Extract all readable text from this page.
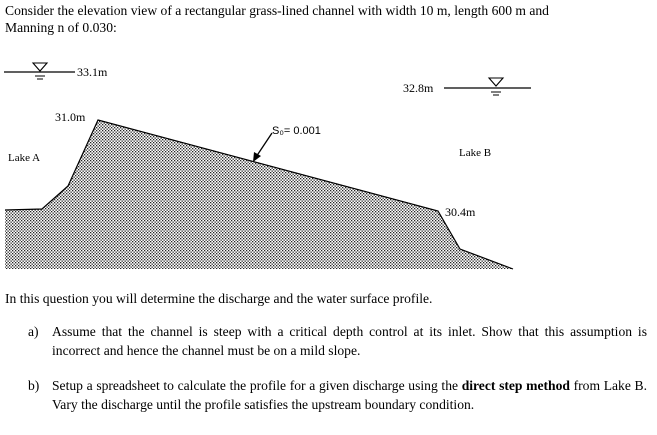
Consider the elevation view of a rectangular grass-lined channel with width 10 m, length 600 m and
Manning n of 0.030:
33.1m
32.8m
31.0m
S₀= 0.001
Lake A	Lake B
30.4m
In this question you will determine the discharge and the water surface profile.
a) Assume that the channel is steep with a critical depth control at its inlet. Show that this assumption is incorrect and hence the channel must be on a mild slope.
b) Setup a spreadsheet to calculate the profile for a given discharge using the direct step method from Lake B. Vary the discharge until the profile satisfies the upstream boundary condition.
